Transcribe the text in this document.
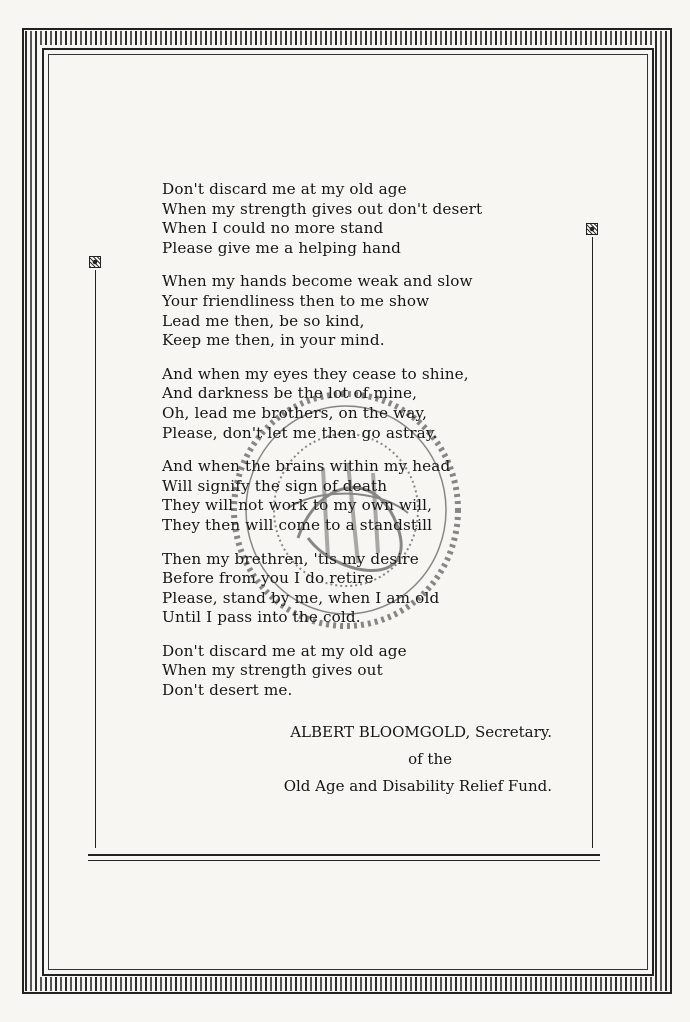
Don't discard me at my old age
When my strength gives out don't desert
When I could no more stand
Please give me a helping hand
When my hands become weak and slow
Your friendliness then to me show
Lead me then, be so kind,
Keep me then, in your mind.
And when my eyes they cease to shine,
And darkness be the lot of mine,
Oh, lead me brothers, on the way,
Please, don't let me then go astray.
And when the brains within my head
Will signify the sign of death
They will not work to my own will,
They then will come to a standstill
Then my brethren, 'tis my desire
Before from you I do retire
Please, stand by me, when I am old
Until I pass into the cold.
Don't discard me at my old age
When my strength gives out
Don't desert me.
ALBERT BLOOMGOLD, Secretary.
of the
Old Age and Disability Relief Fund.
